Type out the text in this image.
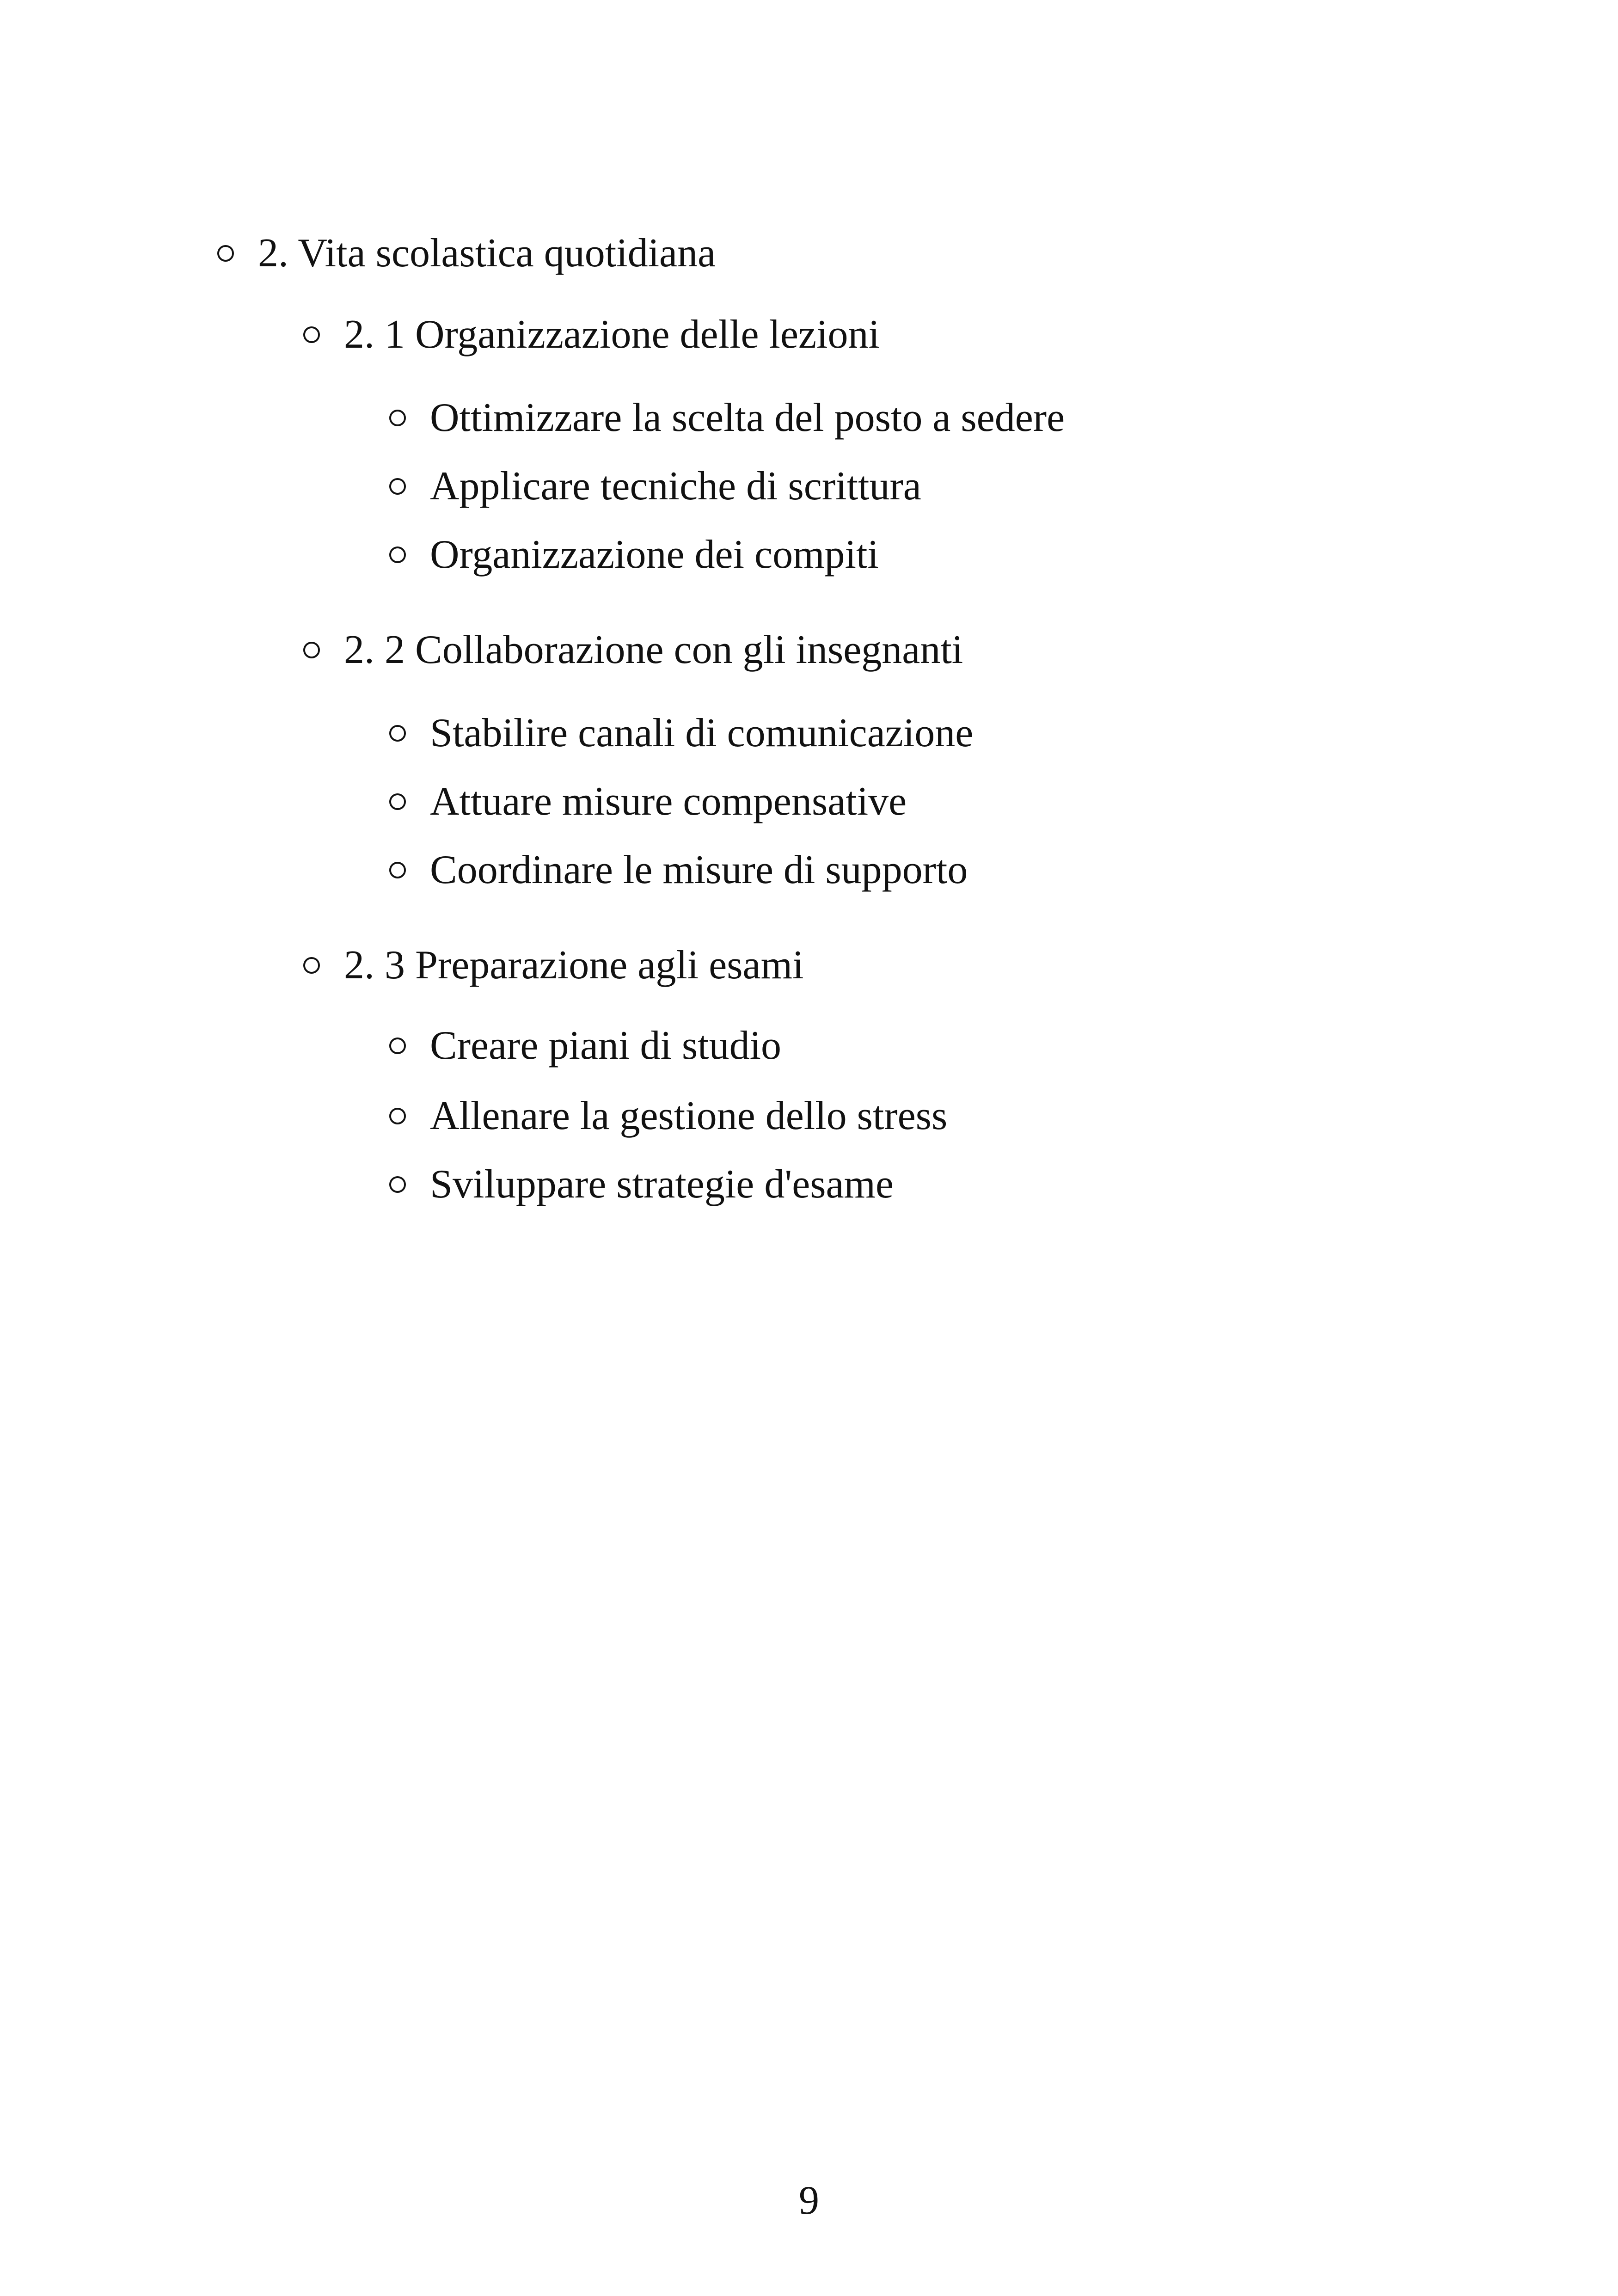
2. Vita scolastica quotidiana
2. 1 Organizzazione delle lezioni
Ottimizzare la scelta del posto a sedere
Applicare tecniche di scrittura
Organizzazione dei compiti
2. 2 Collaborazione con gli insegnanti
Stabilire canali di comunicazione
Attuare misure compensative
Coordinare le misure di supporto
2. 3 Preparazione agli esami
Creare piani di studio
Allenare la gestione dello stress
Sviluppare strategie d'esame
9
